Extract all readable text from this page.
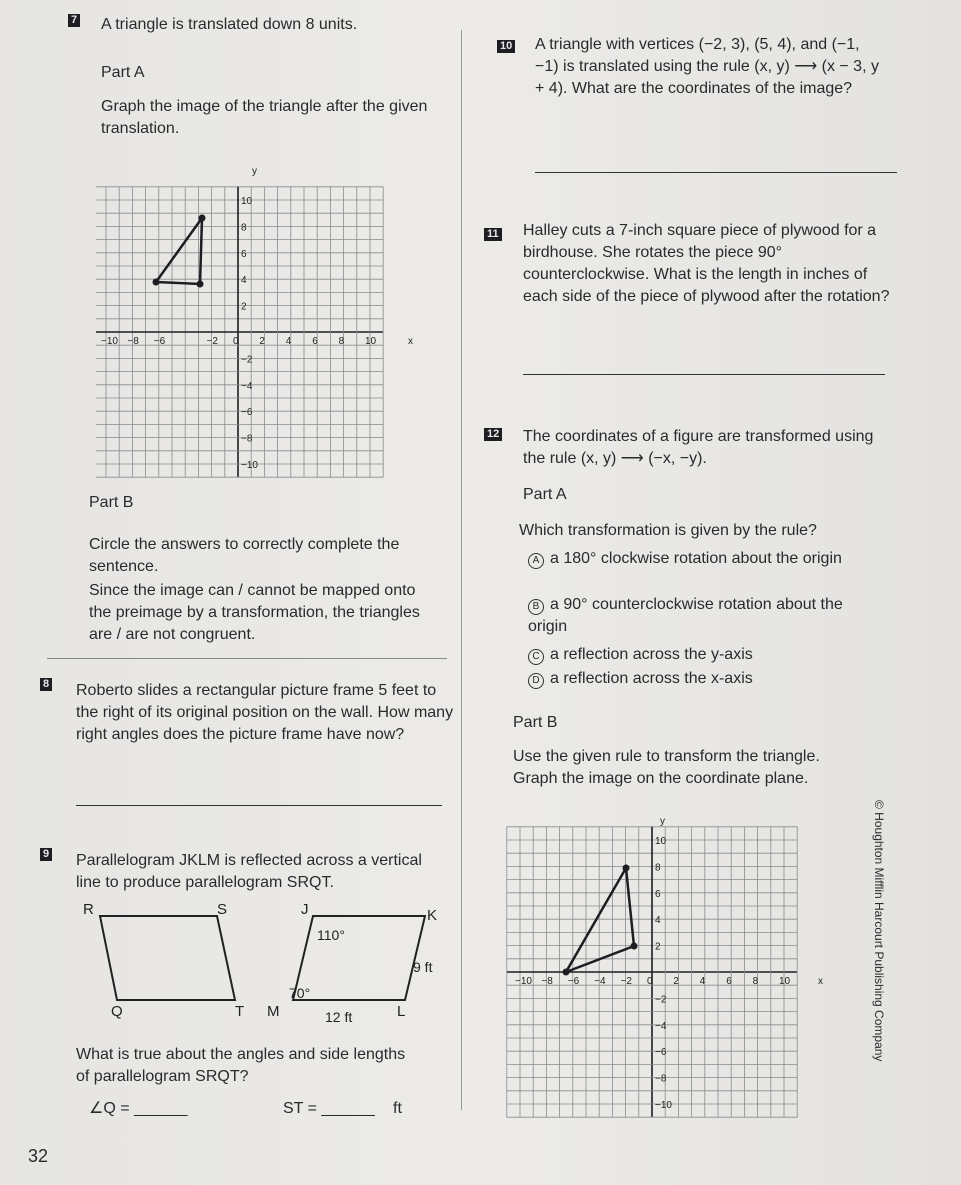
7 A triangle is translated down 8 units.
Part A
Graph the image of the triangle after the given translation.
−10 −8 −6	−2 0 2 4 6 8 10
10
8
6
4
2
−2
−4
−6
−8
−10
y
x
Part B
Circle the answers to correctly complete the sentence.
Since the image can / cannot be mapped onto the preimage by a transformation, the triangles are / are not congruent.
8 Roberto slides a rectangular picture frame 5 feet to the right of its original position on the wall. How many right angles does the picture frame have now?
9 Parallelogram JKLM is reflected across a vertical line to produce parallelogram SRQT.
R	S
Q	T
J	K
M	L
110°
70°
9 ft
12 ft
What is true about the angles and side lengths of parallelogram SRQT?
∠Q = ______	ST = ______ ft
32
10 A triangle with vertices (−2, 3), (5, 4), and (−1, −1) is translated using the rule (x, y) ⟶ (x − 3, y + 4). What are the coordinates of the image?
11 Halley cuts a 7-inch square piece of plywood for a birdhouse. She rotates the piece 90° counterclockwise. What is the length in inches of each side of the piece of plywood after the rotation?
12 The coordinates of a figure are transformed using the rule (x, y) ⟶ (−x, −y).
Part A
Which transformation is given by the rule?
A a 180° clockwise rotation about the origin
B a 90° counterclockwise rotation about the origin
C a reflection across the y-axis
D a reflection across the x-axis
Part B
Use the given rule to transform the triangle. Graph the image on the coordinate plane.
−10 −8 −6 −4 −2 0 2 4 6 8 10
10
8
6
4
2
−2
−4
−6
−8
−10
y
x	© Houghton Mifflin Harcourt Publishing Company
